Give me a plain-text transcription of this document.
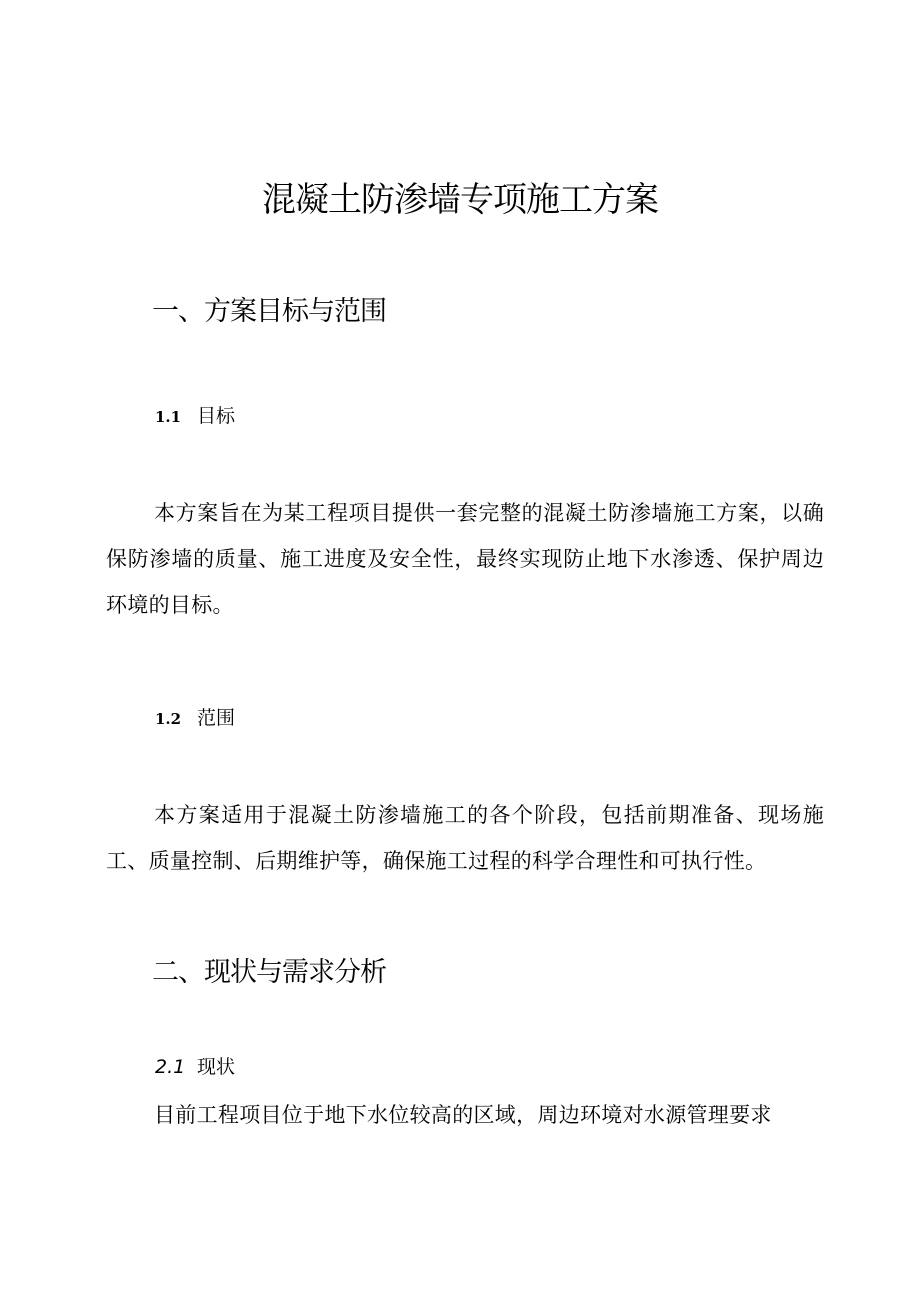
混凝土防渗墙专项施工方案
一、方案目标与范围
1.1 目标

本方案旨在为某工程项目提供一套完整的混凝土防渗墙施工方案，以确保防渗墙的质量、施工进度及安全性，最终实现防止地下水渗透、保护周边环境的目标。

1.2 范围

本方案适用于混凝土防渗墙施工的各个阶段，包括前期准备、现场施工、质量控制、后期维护等，确保施工过程的科学合理性和可执行性。

二、现状与需求分析
2.1 现状

目前工程项目位于地下水位较高的区域，周边环境对水源管理要求
